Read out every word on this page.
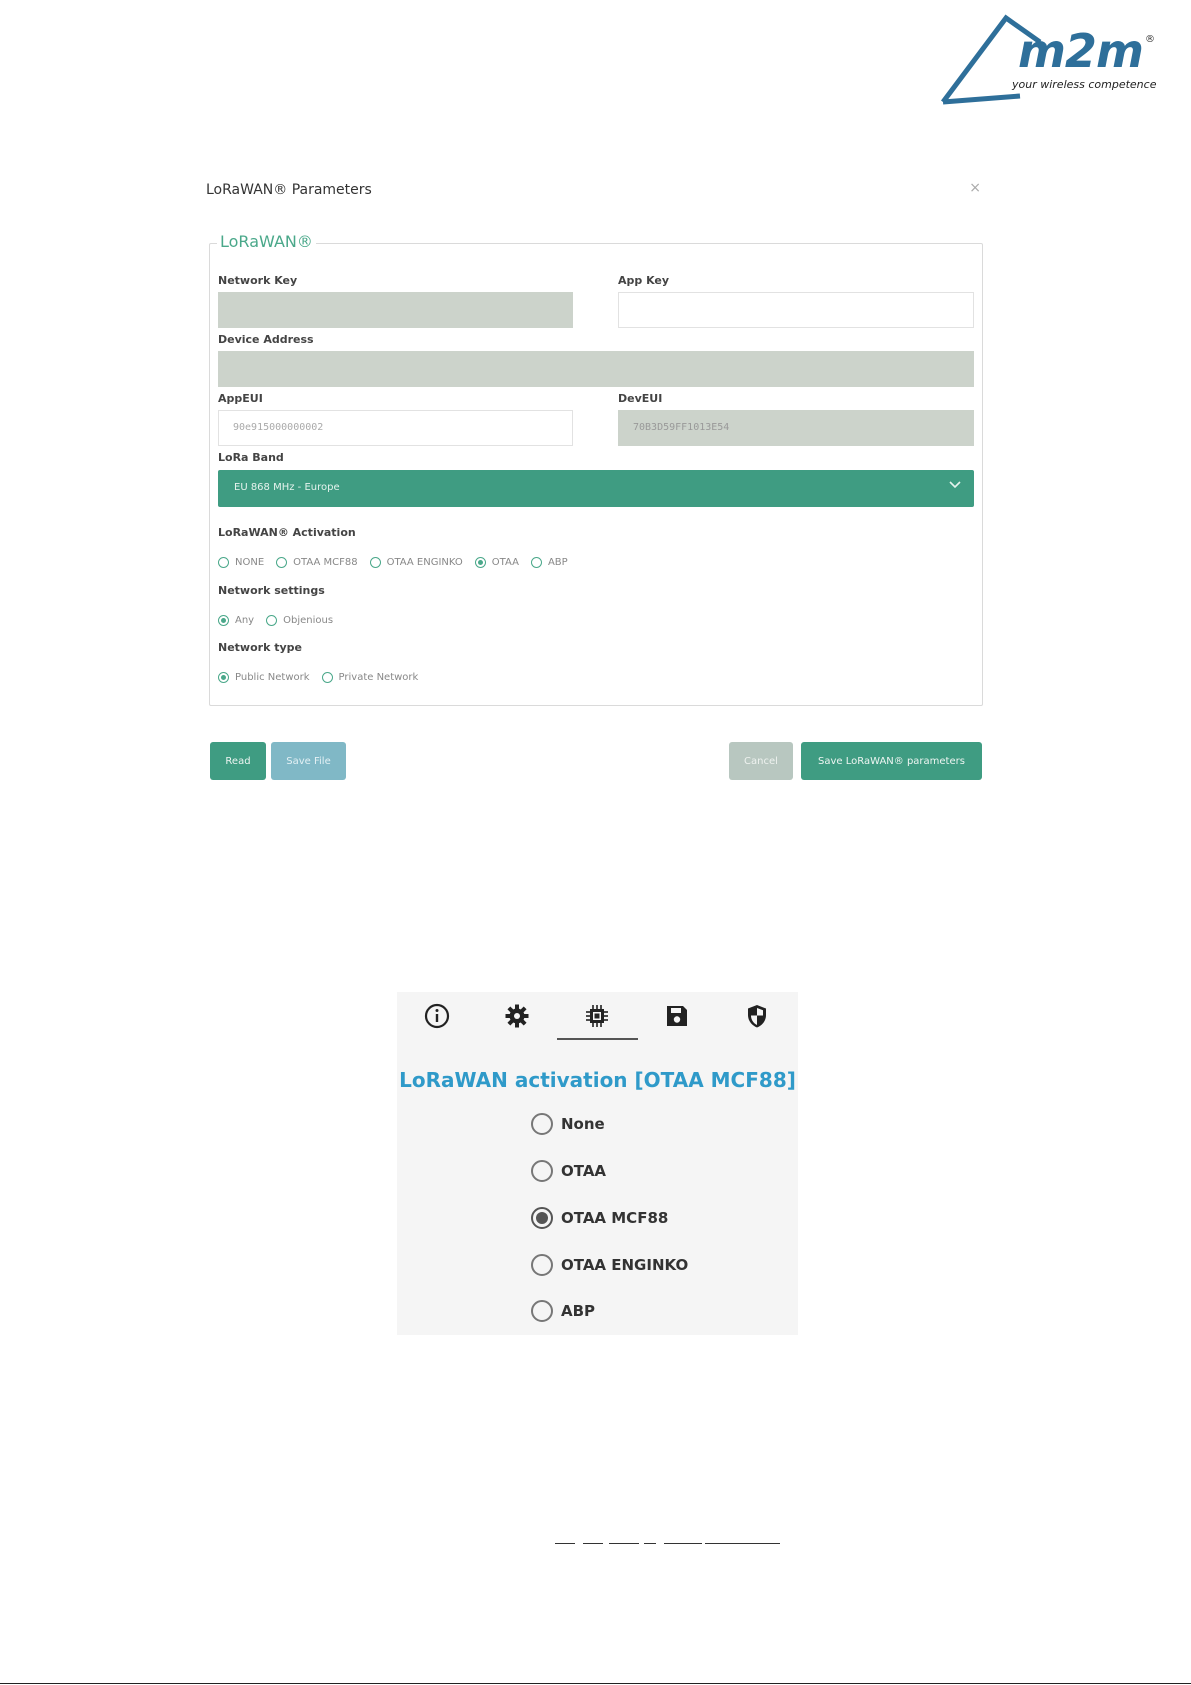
m2m ®
your wireless competence
LoRaWAN® Parameters	×
LoRaWAN®
Network Key	App Key
Device Address
AppEUI
90e915000000002
DevEUI
70B3D59FF1013E54
LoRa Band
EU 868 MHz - Europe
LoRaWAN® Activation
NONE	OTAA MCF88	OTAA ENGINKO	OTAA	ABP
Network settings
Any	Objenious
Network type
Public Network	Private Network
Read	Save File	Cancel	Save LoRaWAN® parameters
LoRaWAN activation [OTAA MCF88]
None
OTAA
OTAA MCF88
OTAA ENGINKO
ABP
